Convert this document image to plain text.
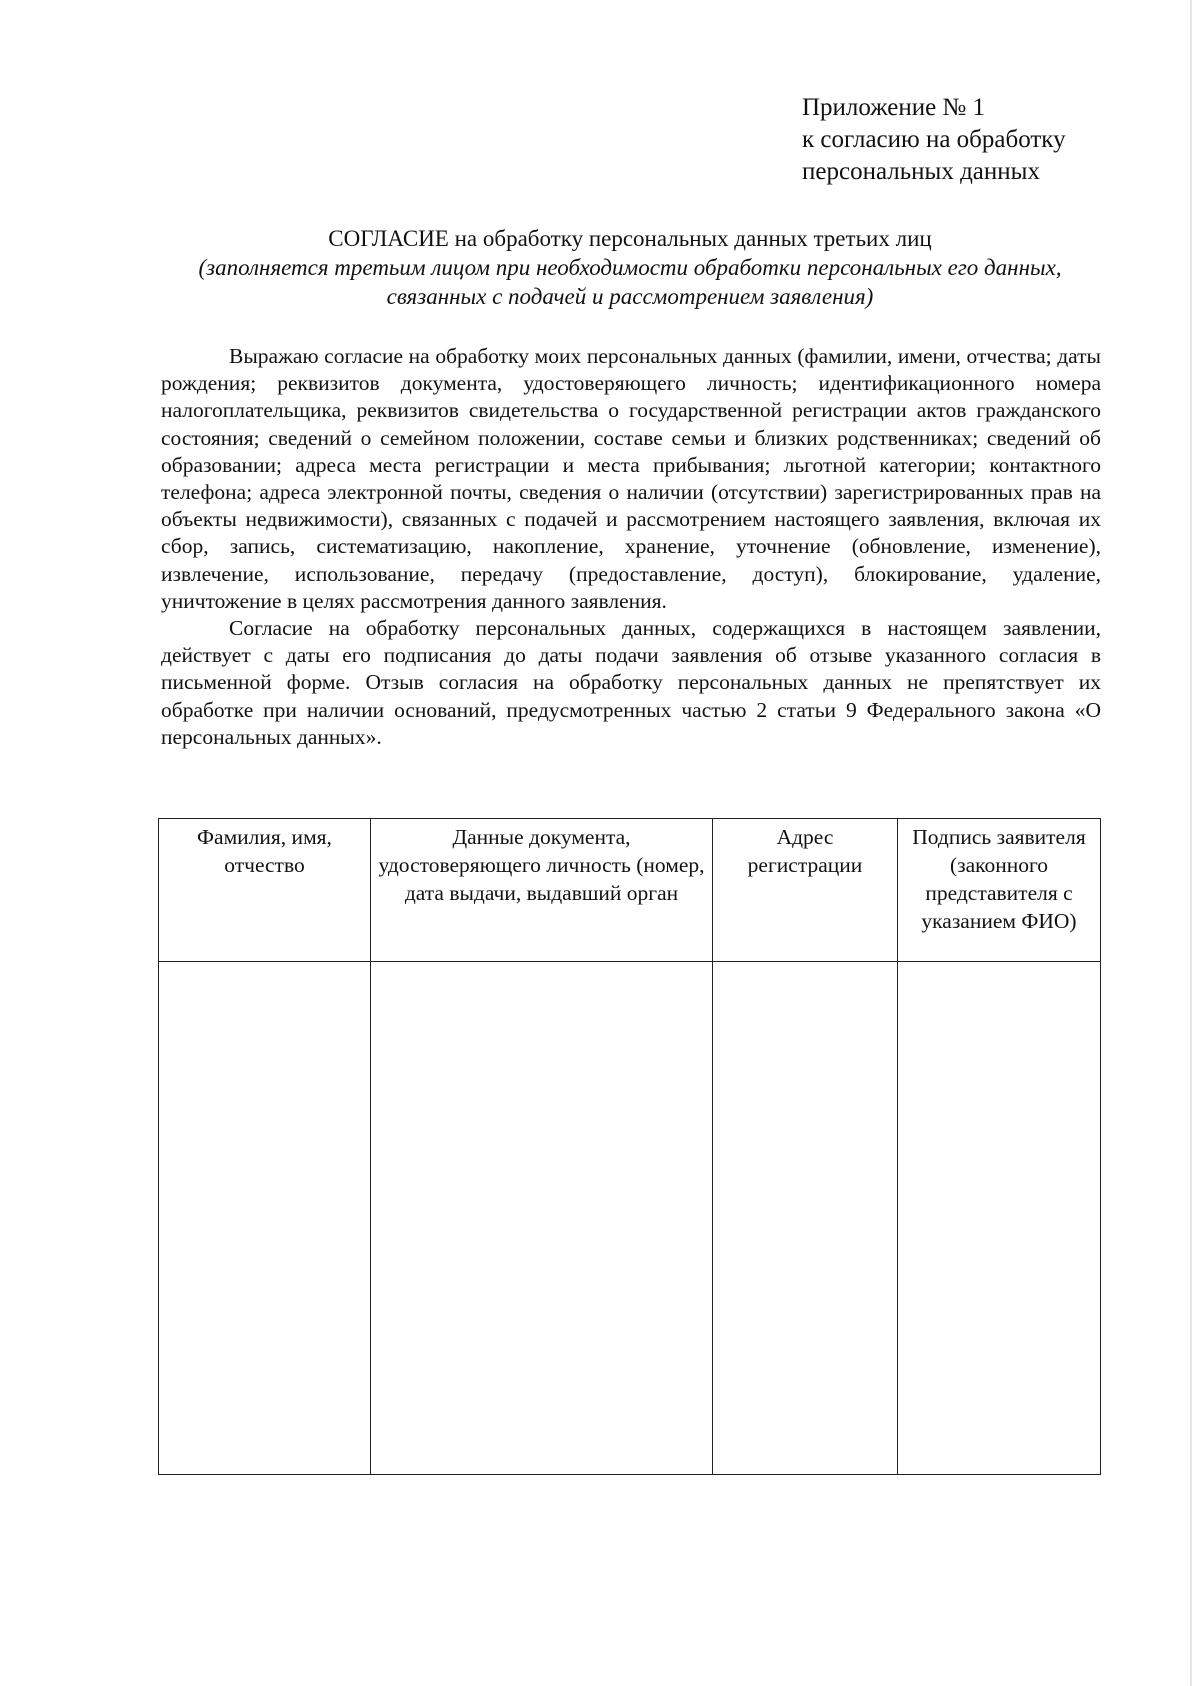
Приложение № 1
к согласию на обработку
персональных данных
СОГЛАСИЕ на обработку персональных данных третьих лиц
(заполняется третьим лицом при необходимости обработки персональных его данных, связанных с подачей и рассмотрением заявления)

Выражаю согласие на обработку моих персональных данных (фамилии, имени, отчества; даты рождения; реквизитов документа, удостоверяющего личность; идентификационного номера налогоплательщика, реквизитов свидетельства о государственной регистрации актов гражданского состояния; сведений о семейном положении, составе семьи и близких родственниках; сведений об образовании; адреса места регистрации и места прибывания; льготной категории; контактного телефона; адреса электронной почты, сведения о наличии (отсутствии) зарегистрированных прав на объекты недвижимости), связанных с подачей и рассмотрением настоящего заявления, включая их сбор, запись, систематизацию, накопление, хранение, уточнение (обновление, изменение), извлечение, использование, передачу (предоставление, доступ), блокирование, удаление, уничтожение в целях рассмотрения данного заявления.

Согласие на обработку персональных данных, содержащихся в настоящем заявлении, действует с даты его подписания до даты подачи заявления об отзыве указанного согласия в письменной форме. Отзыв согласия на обработку персональных данных не препятствует их обработке при наличии оснований, предусмотренных частью 2 статьи 9 Федерального закона «О персональных данных».

Фамилия, имя, отчество	Данные документа, удостоверяющего личность (номер, дата выдачи, выдавший орган	Адрес регистрации	Подпись заявителя (законного представителя с указанием ФИО)
